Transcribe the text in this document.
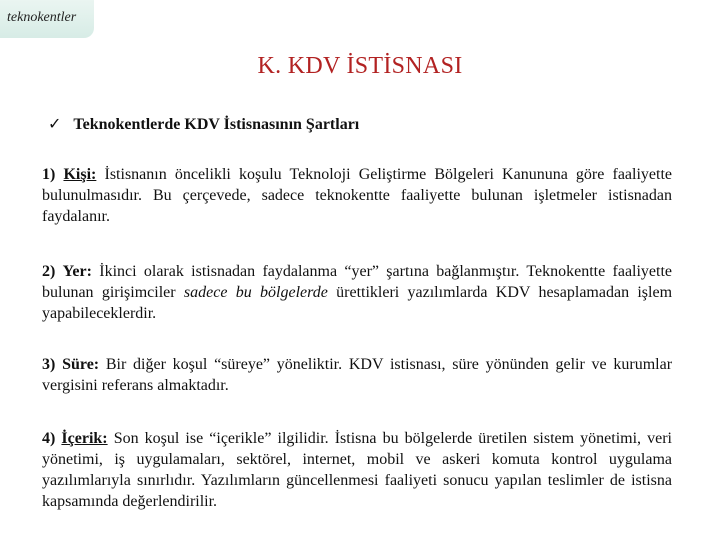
teknokentler
K. KDV İSTİSNASI
✓ Teknokentlerde KDV İstisnasının Şartları
1) Kişi: İstisnanın öncelikli koşulu Teknoloji Geliştirme Bölgeleri Kanununa göre faaliyette bulunulmasıdır. Bu çerçevede, sadece teknokentte faaliyette bulunan işletmeler istisnadan faydalanır.
2) Yer: İkinci olarak istisnadan faydalanma “yer” şartına bağlanmıştır. Teknokentte faaliyette bulunan girişimciler sadece bu bölgelerde ürettikleri yazılımlarda KDV hesaplamadan işlem yapabileceklerdir.
3) Süre: Bir diğer koşul “süreye” yöneliktir. KDV istisnası, süre yönünden gelir ve kurumlar vergisini referans almaktadır.
4) İçerik: Son koşul ise “içerikle” ilgilidir. İstisna bu bölgelerde üretilen sistem yönetimi, veri yönetimi, iş uygulamaları, sektörel, internet, mobil ve askeri komuta kontrol uygulama yazılımlarıyla sınırlıdır. Yazılımların güncellenmesi faaliyeti sonucu yapılan teslimler de istisna kapsamında değerlendirilir.
